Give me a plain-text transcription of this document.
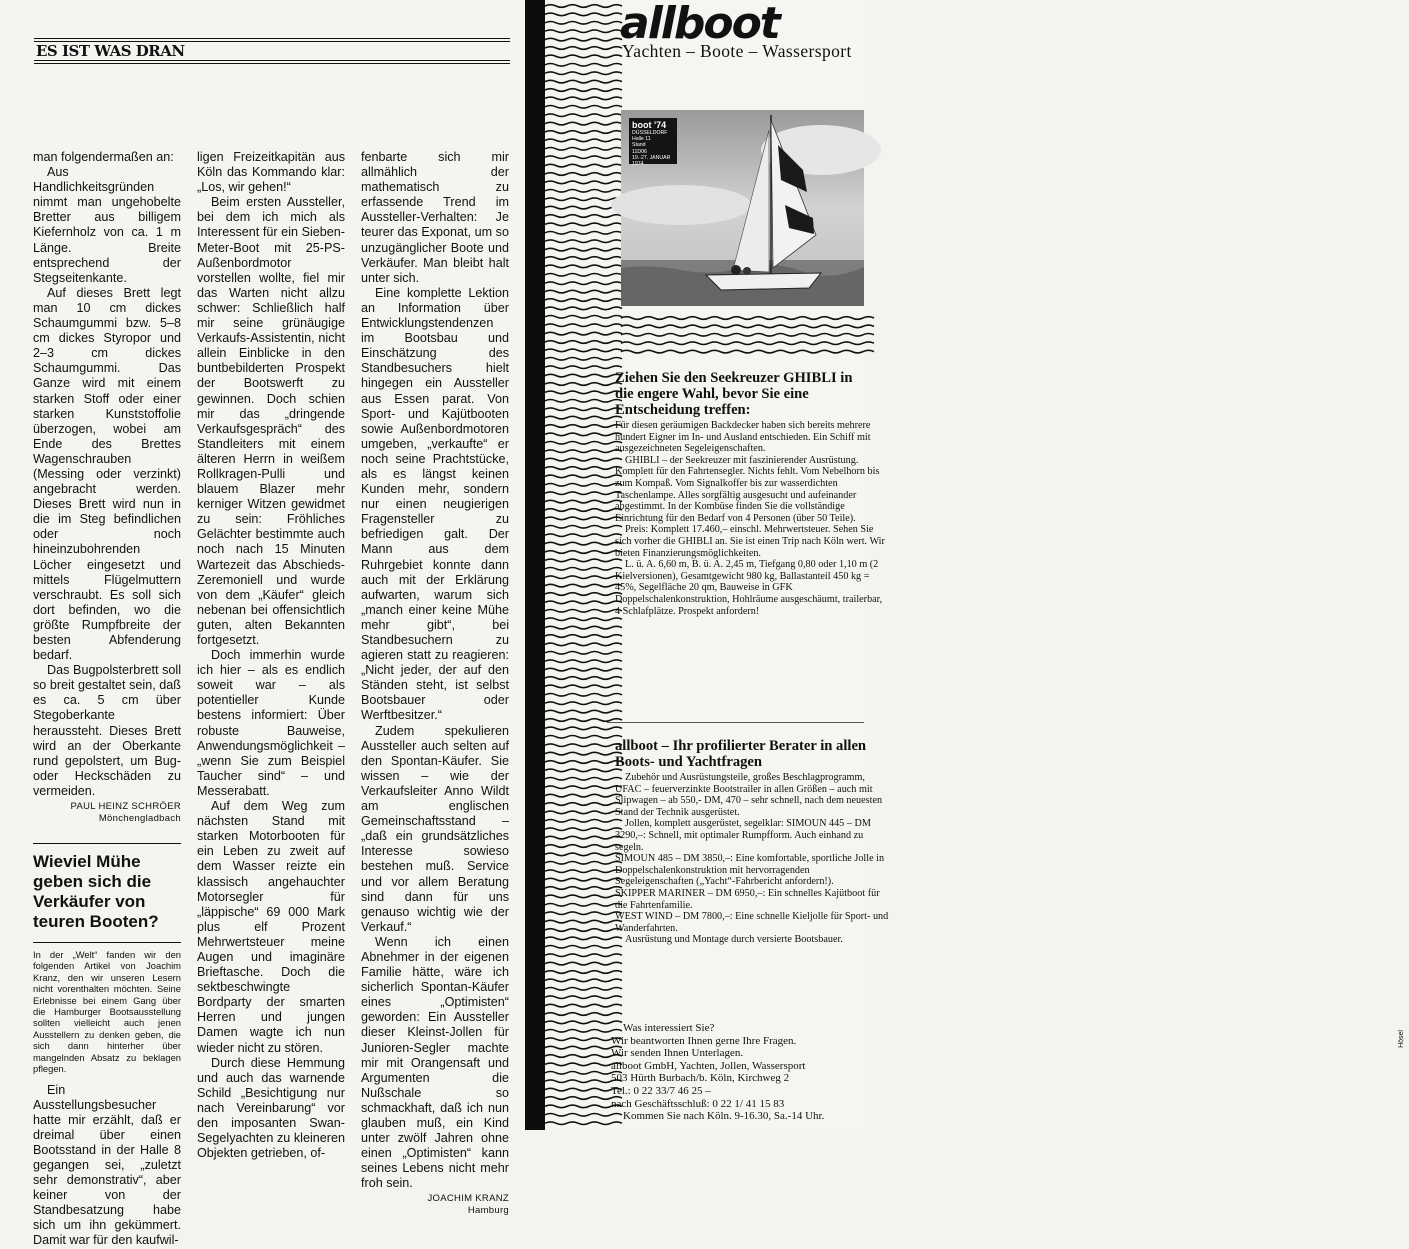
ES IST WAS DRAN

man folgendermaßen an:

Aus Handlichkeitsgründen nimmt man ungehobelte Bretter aus billigem Kiefernholz von ca. 1 m Länge. Breite entsprechend der Stegseitenkante.

Auf dieses Brett legt man 10 cm dickes Schaumgummi bzw. 5–8 cm dickes Styropor und 2–3 cm dickes Schaumgummi. Das Ganze wird mit einem starken Stoff oder einer starken Kunststoffolie überzogen, wobei am Ende des Brettes Wagenschrauben (Messing oder verzinkt) angebracht werden. Dieses Brett wird nun in die im Steg befindlichen oder noch hineinzubohrenden Löcher eingesetzt und mittels Flügelmuttern verschraubt. Es soll sich dort befinden, wo die größte Rumpfbreite der besten Abfenderung bedarf.

Das Bugpolsterbrett soll so breit gestaltet sein, daß es ca. 5 cm über Stegoberkante heraussteht. Dieses Brett wird an der Oberkante rund gepolstert, um Bug- oder Heckschäden zu vermeiden.

PAUL HEINZ SCHRÖER
Mönchengladbach
Wieviel Mühe geben sich die Verkäufer von teuren Booten?

In der „Welt“ fanden wir den folgenden Artikel von Joachim Kranz, den wir unseren Lesern nicht vorenthalten möchten. Seine Erlebnisse bei einem Gang über die Hamburger Bootsausstellung sollten vielleicht auch jenen Ausstellern zu denken geben, die sich dann hinterher über mangelnden Absatz zu beklagen pflegen.

Ein Ausstellungsbesucher hatte mir erzählt, daß er dreimal über einen Bootsstand in der Halle 8 gegangen sei, „zuletzt sehr demonstrativ“, aber keiner von der Standbesatzung habe sich um ihn gekümmert. Damit war für den kaufwil-

ligen Freizeitkapitän aus Köln das Kommando klar: „Los, wir gehen!“

Beim ersten Aussteller, bei dem ich mich als Interessent für ein Sieben-Meter-Boot mit 25-PS-Außenbordmotor vorstellen wollte, fiel mir das Warten nicht allzu schwer: Schließlich half mir seine grünäugige Verkaufs-Assistentin, nicht allein Einblicke in den buntbebilderten Prospekt der Bootswerft zu gewinnen. Doch schien mir das „dringende Verkaufsgespräch“ des Standleiters mit einem älteren Herrn in weißem Rollkragen-Pulli und blauem Blazer mehr kerniger Witzen gewidmet zu sein: Fröhliches Gelächter bestimmte auch noch nach 15 Minuten Wartezeit das Abschieds-Zeremoniell und wurde von dem „Käufer“ gleich nebenan bei offensichtlich guten, alten Bekannten fortgesetzt.

Doch immerhin wurde ich hier – als es endlich soweit war – als potentieller Kunde bestens informiert: Über robuste Bauweise, Anwendungsmöglichkeit – „wenn Sie zum Beispiel Taucher sind“ – und Messerabatt.

Auf dem Weg zum nächsten Stand mit starken Motorbooten für ein Leben zu zweit auf dem Wasser reizte ein klassisch angehauchter Motorsegler für „läppische“ 69 000 Mark plus elf Prozent Mehrwertsteuer meine Augen und imaginäre Brieftasche. Doch die sektbeschwingte Bordparty der smarten Herren und jungen Damen wagte ich nun wieder nicht zu stören.

Durch diese Hemmung und auch das warnende Schild „Besichtigung nur nach Vereinbarung“ vor den imposanten Swan-Segelyachten zu kleineren Objekten getrieben, of-

fenbarte sich mir allmählich der mathematisch zu erfassende Trend im Aussteller-Verhalten: Je teurer das Exponat, um so unzugänglicher Boote und Verkäufer. Man bleibt halt unter sich.

Eine komplette Lektion an Information über Entwicklungstendenzen im Bootsbau und Einschätzung des Standbesuchers hielt hingegen ein Aussteller aus Essen parat. Von Sport- und Kajütbooten sowie Außenbordmotoren umgeben, „verkaufte“ er noch seine Prachtstücke, als es längst keinen Kunden mehr, sondern nur einen neugierigen Fragensteller zu befriedigen galt. Der Mann aus dem Ruhrgebiet konnte dann auch mit der Erklärung aufwarten, warum sich „manch einer keine Mühe mehr gibt“, bei Standbesuchern zu agieren statt zu reagieren: „Nicht jeder, der auf den Ständen steht, ist selbst Bootsbauer oder Werftbesitzer.“

Zudem spekulieren Aussteller auch selten auf den Spontan-Käufer. Sie wissen – wie der Verkaufsleiter Anno Wildt am englischen Gemeinschaftsstand – „daß ein grundsätzliches Interesse sowieso bestehen muß. Service und vor allem Beratung sind dann für uns genauso wichtig wie der Verkauf.“

Wenn ich einen Abnehmer in der eigenen Familie hätte, wäre ich sicherlich Spontan-Käufer eines „Optimisten“ geworden: Ein Aussteller dieser Kleinst-Jollen für Junioren-Segler machte mir mit Orangensaft und Argumenten die Nußschale so schmackhaft, daß ich nun glauben muß, ein Kind unter zwölf Jahren ohne einen „Optimisten“ kann seines Lebens nicht mehr froh sein.

JOACHIM KRANZ
Hamburg
allboot
Yachten – Boote – Wassersport
boot '74
DÜSSELDORF
Halle 11
Stand
11D06
19.-27. JANUAR 1974
Ziehen Sie den Seekreuzer GHIBLI in die engere Wahl, bevor Sie eine Entscheidung treffen:

Für diesen geräumigen Backdecker haben sich bereits mehrere hundert Eigner im In- und Ausland entschieden. Ein Schiff mit ausgezeichneten Segeleigenschaften.

GHIBLI – der Seekreuzer mit faszinierender Ausrüstung. Komplett für den Fahrtensegler. Nichts fehlt. Vom Nebelhorn bis zum Kompaß. Vom Signalkoffer bis zur wasserdichten Taschenlampe. Alles sorgfältig ausgesucht und aufeinander abgestimmt. In der Kombüse finden Sie die vollständige Einrichtung für den Bedarf von 4 Personen (über 50 Teile).

Preis: Komplett 17.460,– einschl. Mehrwertsteuer. Sehen Sie sich vorher die GHIBLI an. Sie ist einen Trip nach Köln wert. Wir bieten Finanzierungsmöglichkeiten.

L. ü. A. 6,60 m, B. ü. A. 2,45 m, Tiefgang 0,80 oder 1,10 m (2 Kielversionen), Gesamtgewicht 980 kg, Ballastanteil 450 kg = 45%, Segelfläche 20 qm, Bauweise in GFK Doppelschalenkonstruktion, Hohlräume ausgeschäumt, trailerbar, 4 Schlafplätze. Prospekt anfordern!

allboot – Ihr profilierter Berater in allen Boots- und Yachtfragen

Zubehör und Ausrüstungsteile, großes Beschlagprogramm, UFAC – feuerverzinkte Bootstrailer in allen Größen – auch mit Slipwagen – ab 550,- DM, 470 – sehr schnell, nach dem neuesten Stand der Technik ausgerüstet.

Jollen, komplett ausgerüstet, segelklar: SIMOUN 445 – DM 3290,–: Schnell, mit optimaler Rumpfform. Auch einhand zu segeln.

SIMOUN 485 – DM 3850,–: Eine komfortable, sportliche Jolle in Doppelschalenkonstruktion mit hervorragenden Segeleigenschaften („Yacht“-Fahrbericht anfordern!).

SKIPPER MARINER – DM 6950,–: Ein schnelles Kajütboot für die Fahrtenfamilie.

WEST WIND – DM 7800,–: Eine schnelle Kieljolle für Sport- und Wanderfahrten.

Ausrüstung und Montage durch versierte Bootsbauer.

Was interessiert Sie?
Wir beantworten Ihnen gerne Ihre Fragen.
Wir senden Ihnen Unterlagen.
allboot GmbH, Yachten, Jollen, Wassersport
503 Hürth Burbach/b. Köln, Kirchweg 2
Tel.: 0 22 33/7 46 25 –
nach Geschäftsschluß: 0 22 1/ 41 15 83
Kommen Sie nach Köln. 9-16.30, Sa.-14 Uhr.
Hösel
